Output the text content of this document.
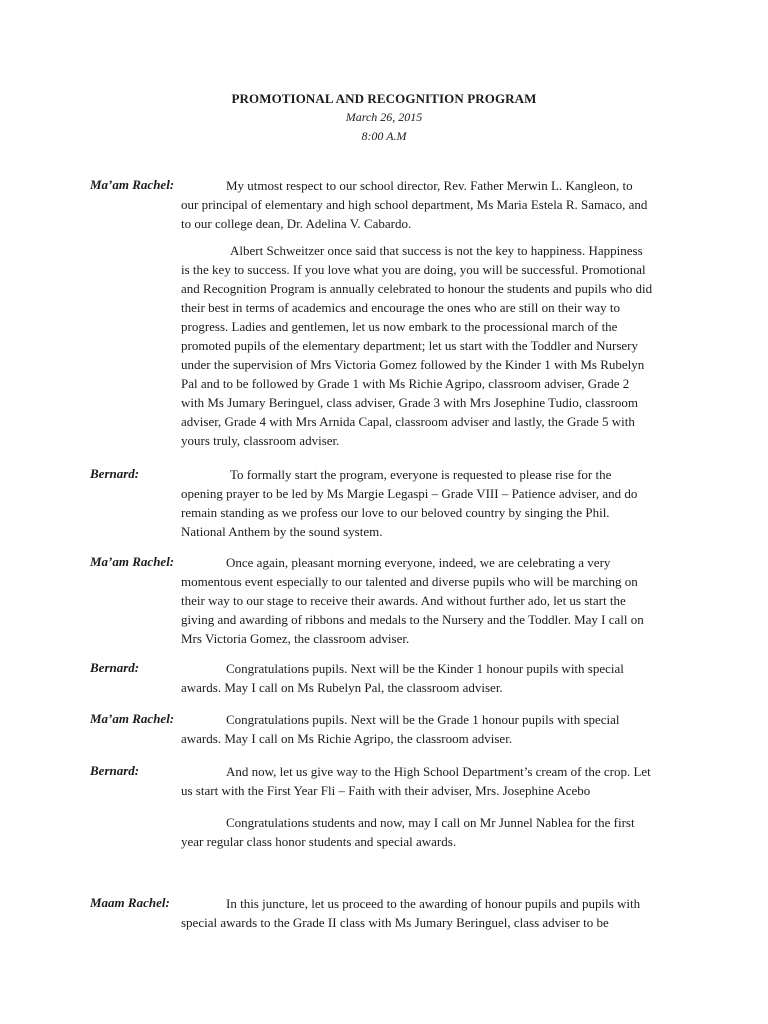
PROMOTIONAL AND RECOGNITION PROGRAM
March 26, 2015
8:00 A.M
Ma’am Rachel:	My utmost respect to our school director, Rev. Father Merwin L. Kangleon, to our principal of elementary and high school department, Ms Maria Estela R. Samaco, and to our college dean, Dr. Adelina V. Cabardo.

Albert Schweitzer once said that success is not the key to happiness. Happiness is the key to success. If you love what you are doing, you will be successful. Promotional and Recognition Program is annually celebrated to honour the students and pupils who did their best in terms of academics and encourage the ones who are still on their way to progress. Ladies and gentlemen, let us now embark to the processional march of the promoted pupils of the elementary department; let us start with the Toddler and Nursery under the supervision of Mrs Victoria Gomez followed by the Kinder 1 with Ms Rubelyn Pal and to be followed by Grade 1 with Ms Richie Agripo, classroom adviser, Grade 2 with Ms Jumary Beringuel, class adviser, Grade 3 with Mrs Josephine Tudio, classroom adviser, Grade 4 with Mrs Arnida Capal, classroom adviser and lastly, the Grade 5 with yours truly, classroom adviser.

Bernard:	To formally start the program, everyone is requested to please rise for the opening prayer to be led by Ms Margie Legaspi – Grade VIII – Patience adviser, and do remain standing as we profess our love to our beloved country by singing the Phil. National Anthem by the sound system.

Ma’am Rachel:	Once again, pleasant morning everyone, indeed, we are celebrating a very momentous event especially to our talented and diverse pupils who will be marching on their way to our stage to receive their awards. And without further ado, let us start the giving and awarding of ribbons and medals to the Nursery and the Toddler. May I call on Mrs Victoria Gomez, the classroom adviser.

Bernard:	Congratulations pupils. Next will be the Kinder 1 honour pupils with special awards. May I call on Ms Rubelyn Pal, the classroom adviser.

Ma’am Rachel:	Congratulations pupils. Next will be the Grade 1 honour pupils with special awards. May I call on Ms Richie Agripo, the classroom adviser.

Bernard:	And now, let us give way to the High School Department’s cream of the crop. Let us start with the First Year Fli – Faith with their adviser, Mrs. Josephine Acebo

Congratulations students and now, may I call on Mr Junnel Nablea for the first year regular class honor students and special awards.

Maam Rachel:	In this juncture, let us proceed to the awarding of honour pupils and pupils with special awards to the Grade II class with Ms Jumary Beringuel, class adviser to be
